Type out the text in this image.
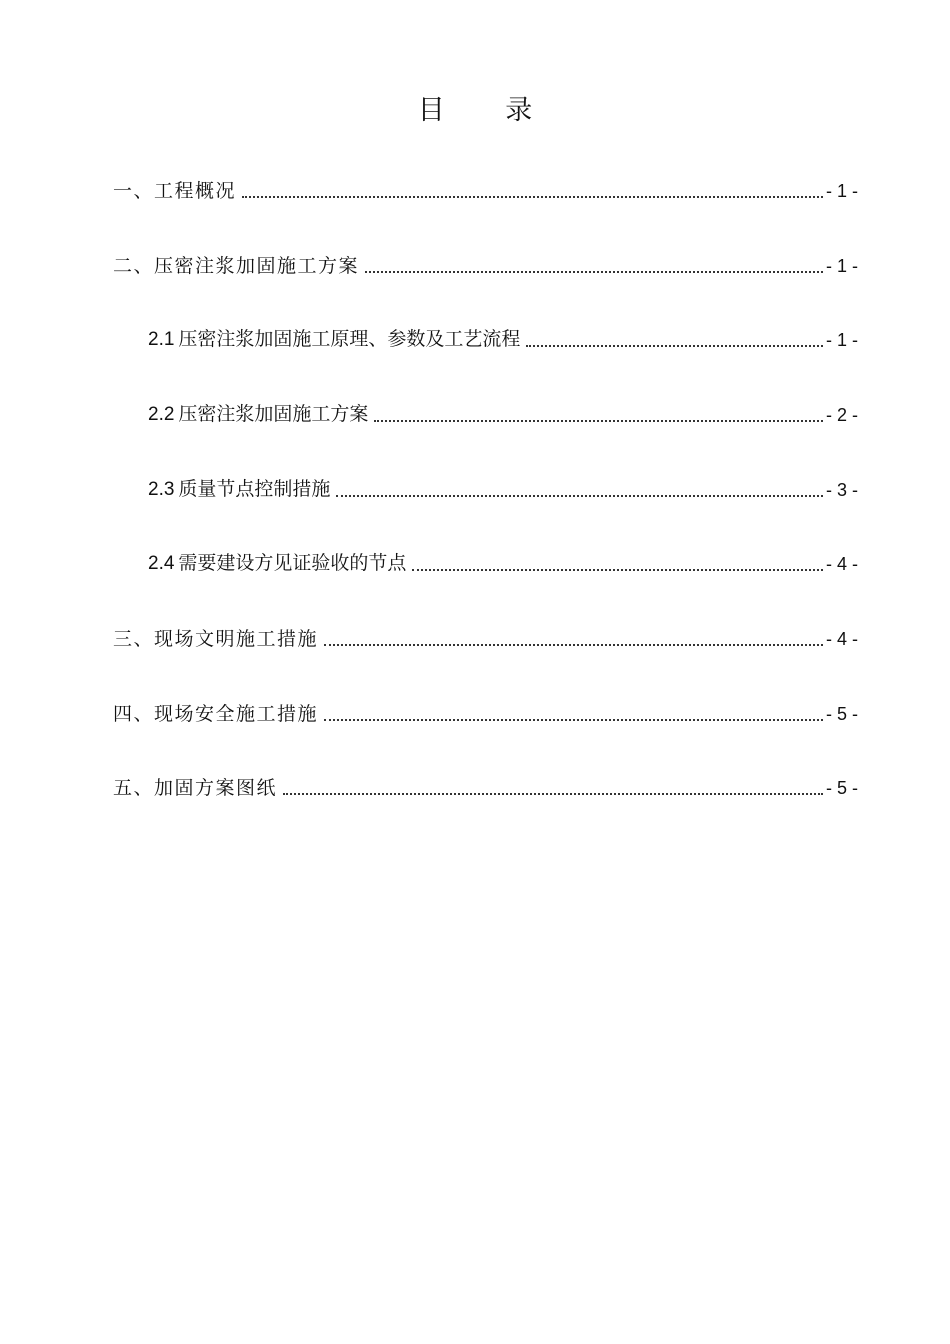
目 录
一、工程概况	- 1 -
二、压密注浆加固施工方案	- 1 -
2.1 压密注浆加固施工原理、参数及工艺流程	- 1 -
2.2 压密注浆加固施工方案	- 2 -
2.3 质量节点控制措施	- 3 -
2.4 需要建设方见证验收的节点	- 4 -
三、现场文明施工措施	- 4 -
四、现场安全施工措施	- 5 -
五、加固方案图纸	- 5 -
